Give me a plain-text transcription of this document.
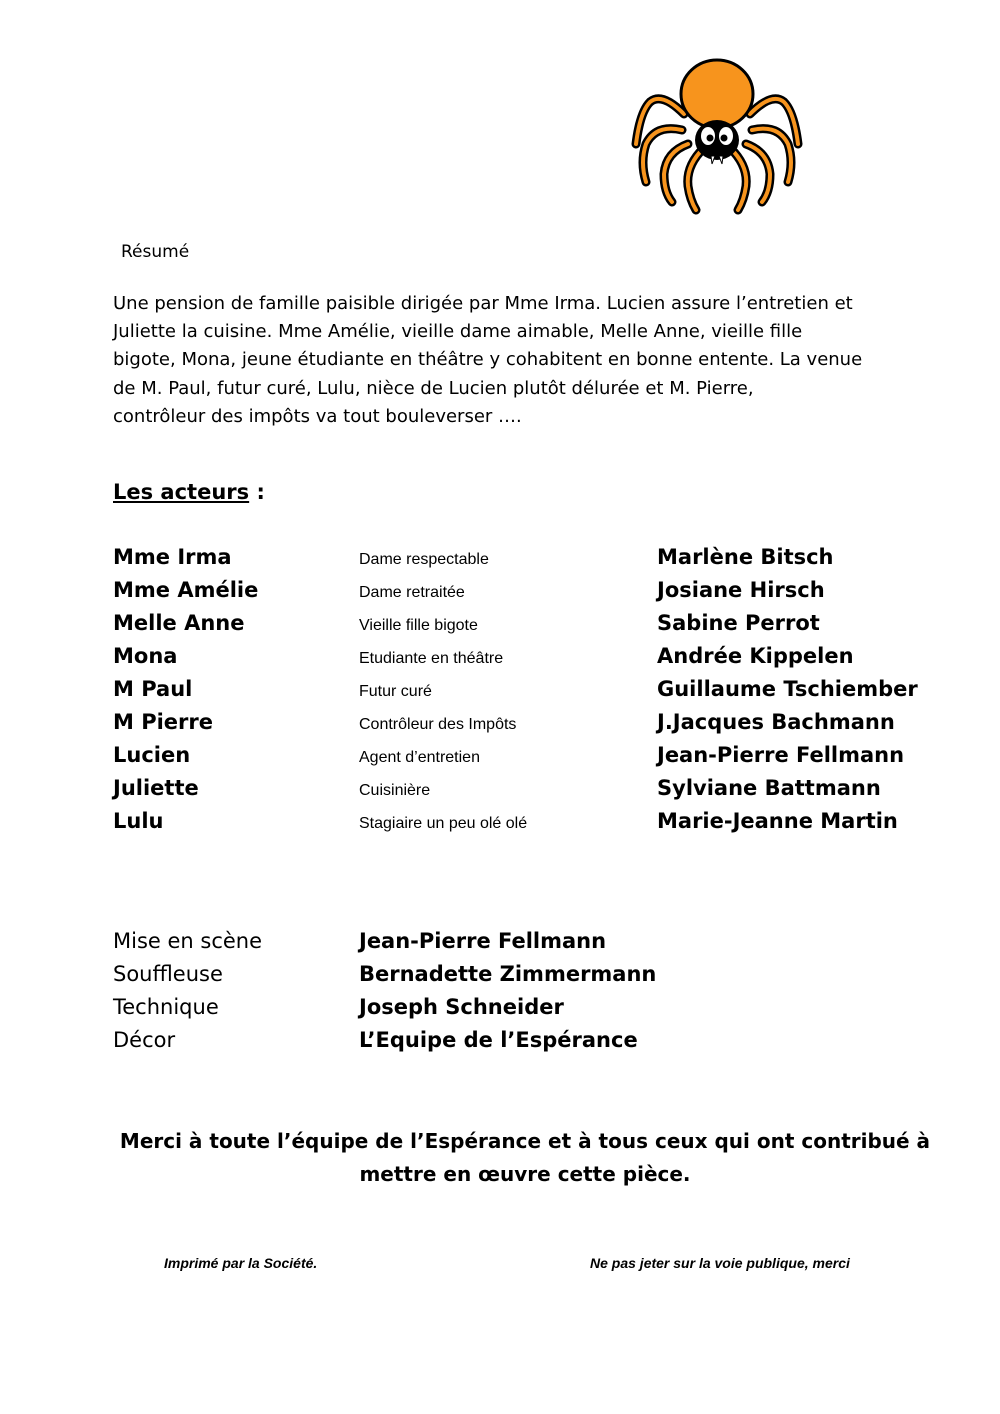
Résumé
Une pension de famille paisible dirigée par Mme Irma. Lucien assure l’entretien et
Juliette la cuisine. Mme Amélie, vieille dame aimable, Melle Anne, vieille fille
bigote, Mona, jeune étudiante en théâtre y cohabitent en bonne entente. La venue
de M. Paul, futur curé, Lulu, nièce de Lucien plutôt délurée et M. Pierre,
contrôleur des impôts va tout bouleverser ….
Les acteurs :
Mme Irma	Dame respectable	Marlène Bitsch
Mme Amélie	Dame retraitée	Josiane Hirsch
Melle Anne	Vieille fille bigote	Sabine Perrot
Mona	Etudiante en théâtre	Andrée Kippelen
M Paul	Futur curé	Guillaume Tschiember
M Pierre	Contrôleur des Impôts	J.Jacques Bachmann
Lucien	Agent d’entretien	Jean-Pierre Fellmann
Juliette	Cuisinière	Sylviane Battmann
Lulu	Stagiaire un peu olé olé	Marie-Jeanne Martin
Mise en scène	Jean-Pierre Fellmann
Souffleuse	Bernadette Zimmermann
Technique	Joseph Schneider
Décor	L’Equipe de l’Espérance
Merci à toute l’équipe de l’Espérance et à tous ceux qui ont contribué à
mettre en œuvre cette pièce.
Imprimé par la Société.	Ne pas jeter sur la voie publique, merci
